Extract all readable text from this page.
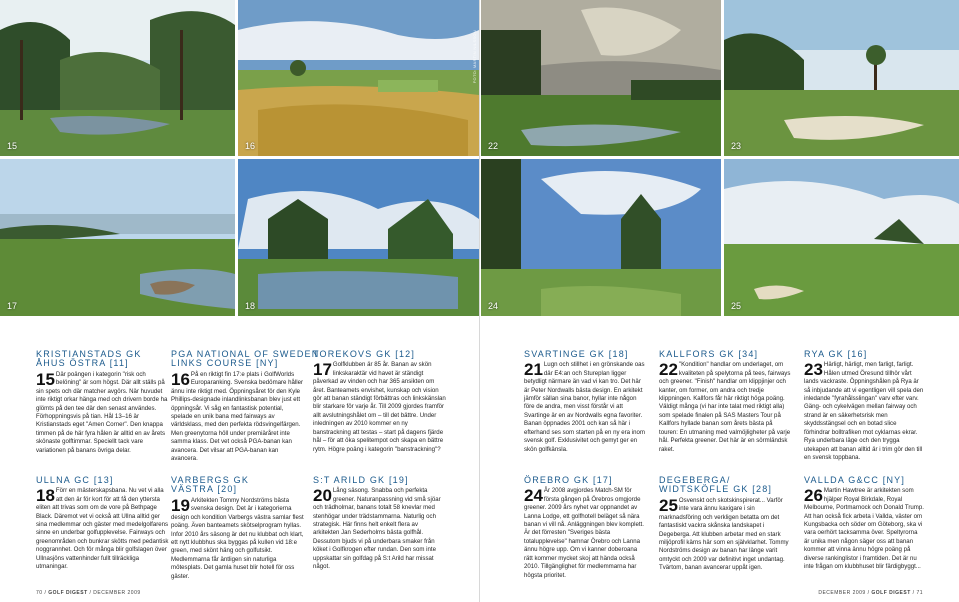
15	16
FOTO: MARTIN NILSSON
22	23
17	18	24	25
KRISTIANSTADS GK
ÅHUS ÖSTRA [11]
15 Där poängen i kategorin "risk och belöning" är som högst. Där allt ställs på sin spets och där matcher avgörs. När huvudet inte riktigt orkar hänga med och drivern borde ha glömts på den tee där den senast användes. Förhoppningsvis på tian. Hål 13–16 är Kristianstads eget "Amen Corner". Den knappa timmen på de här fyra hålen är alltid en av årets skönaste golftimmar. Speciellt tack vare variationen på banans övriga delar.

PGA NATIONAL OF SWEDEN
LINKS COURSE [NY]
16 På en riktigt fin 17:e plats i GolfWorlds Europaranking. Svenska bedömare håller ännu inte riktigt med. Öppningsåret för den Kyle Phillips-designade inlandlinksbanan blev just ett öppningsår. Vi såg en fantastisk potential, spelade en unik bana med fairways av världsklass, med den perfekta rödsvingelfärgen. Men greenytorna höll under premiäråret inte samma klass. Det vet också PGA-banan kan avancera. Det vilsar att PGA-banan kan avancera.

TOREKOVS GK [12]
17 Golfklubben är 85 år. Banan av skön linkskaraktär vid havet är ständigt påverkad av vinden och har 365 ansikten om året. Banteamets envishet, kunskap och vision gör att banan ständigt förbättras och linkskänslan blir starkare för varje år. Till 2009 gjordes framför allt avslutningshålet om – till det bättre. Under inledningen av 2010 kommer en ny banstrackning att testas – start på dagens fjärde hål – för att öka spelitempot och skapa en bättre rytm. Högre poäng i kategorin "banstrackning"?

SVARTINGE GK [18]
21 Lugn och stillhet i en grönskande oas där E4:an och Stureplan ligger betydligt närmare än vad vi kan tro. Det här är Peter Nordwalls bästa design. En arkitekt jämför sällan sina banor, hyllar inte någon före de andra, men visst förstår vi att Svartinge är en av Nordwalls egna favoriter. Banan öppnades 2001 och kan så här i efterhand ses som starten på en ny era inom svensk golf. Exklusivitet och gemyt ger en skön golfkänsla.

KALLFORS GK [34]
22 "Kondition" handlar om underlaget, om kvaliteten på spelytorna på tees, fairways och greener. "Finish" handlar om klippjinjer och kanter, om former, om andra och tredje klippningen. Kallfors får här riktigt höga poäng. Väldigt många (vi har inte talat med riktigt alla) som spelade finalen på SAS Masters Tour på Kallfors hyllade banan som årets bästa på touren: En utmaning med valmöjligheter på varje hål. Perfekta greener. Det här är en sörmländsk raket.

RYA GK [16]
23 Härligt, härligt, men farligt, farligt. Hålen utmed Öresund tillhör vårt lands vackraste. Öppningshålen på Rya är så inbjudande att vi egentligen vill spela den inledande "fyrahålsslingan" varv efter varv. Gäng- och cykelvägen mellan fairway och strand är en säkerhetsrisk men skyddsstängsel och en botad slice förhindrar bolltrafiken mot cyklarnas ekrar. Rya underbara läge och den trygga utekapen att banan alltid är i trim gör den till en svensk toppbana.

ULLNA GC [13]
18 Förr en mästerskapsbana. Nu vet vi alla att den är för kort för att få den yttersta eliten att trivas som om de vore på Bethpage Black. Däremot vet vi också att Ullna alltid ger sina medlemmar och gäster med medelgolfarens sinne en underbar golfupplevelse. Fairways och greenområden och bunkrar skötts med pedantisk noggrannhet. Och för många blir golfslagen över Ullnasjöns vattenhinder fullt tillräckliga utmaningar.

VARBERGS GK
VÄSTRA [20]
19 Arkitekten Tommy Nordströms bästa svenska design. Det är i kategorierna design och kondition Varbergs västra samlar flest poäng. Även banteamets skötselprogram hyllas. Infor 2010 års säsong är det nu klubbat och klart, ett nytt klubbhus ska byggas på kullen vid 18:e green, med skönt häng och golfutsikt. Medlemmarna får äntligen sin naturliga mötesplats. Det gamla huset blir hotell för oss gäster.

S:T ARILD GK [19]
20 Lång säsong. Snabba och perfekta greener. Naturanpassning vid små sjöar och trädholmar, banans totalt 58 knevlar med stenhögar under trädstammarna. Naturlig och strategisk. Här finns helt enkelt flera av arkitekten Jan Sederholms bästa golfhål. Dessutom bjuds vi på underbara smaker från köket i Golfkrogen efter rundan. Den som inte uppskattar sin golfdag på S:t Arild har missat något.

ÖREBRO GK [17]
24 År 2008 avgjordes Match-SM för första gången på Örebros omgjorde greener. 2009 års nyhet var oppnandet av Lanna Lodge, ett golfhotell beläget så nära banan vi vill nå. Anläggningen blev komplett. Är det förresten "Sveriges bästa totalupplevelse" hamnar Örebro och Lanna ännu högre upp. Om vi kanner doberoana rätt kommer mycket skoj att hända också 2010. Tillgänglighet för medlemmarna har högsta prioritet.

DEGEBERGA/
WIDTSKÖFLE GK [28]
25 Osvenskt och skotskinspirerat... Varför inte vara ännu kaxigare i sin marknadsföring och verkligen betatta om det fantastiskt vackra skånska landskapet i Degeberga. Att klubben arbetar med en stark miljöprofil kärns här som en självklarhet. Tommy Nordströms design av banan har länge varit omtyckt och 2009 var definitivt inget undantag. Tvärtom, banan avancerar uppåt igen.

VALLDA G&CC [NY]
26 Martin Hawtree är arkitekten som hjälper Royal Birkdale, Royal Melbourne, Portmarnock och Donald Trump. Att han också fick arbeta i Vallda, väster om Kungsbacka och söder om Göteborg, ska vi vara oerhört tacksamma över. Speltyrorna är unika men någon säger oss att banan kommer att vinna ännu högre poäng på diverse rankinglistor i framtiden. Det är nu inte frågan om klubbhuset blir färdigbyggt...

70 / GOLF DIGEST / DECEMBER 2009	DECEMBER 2009 / GOLF DIGEST / 71
